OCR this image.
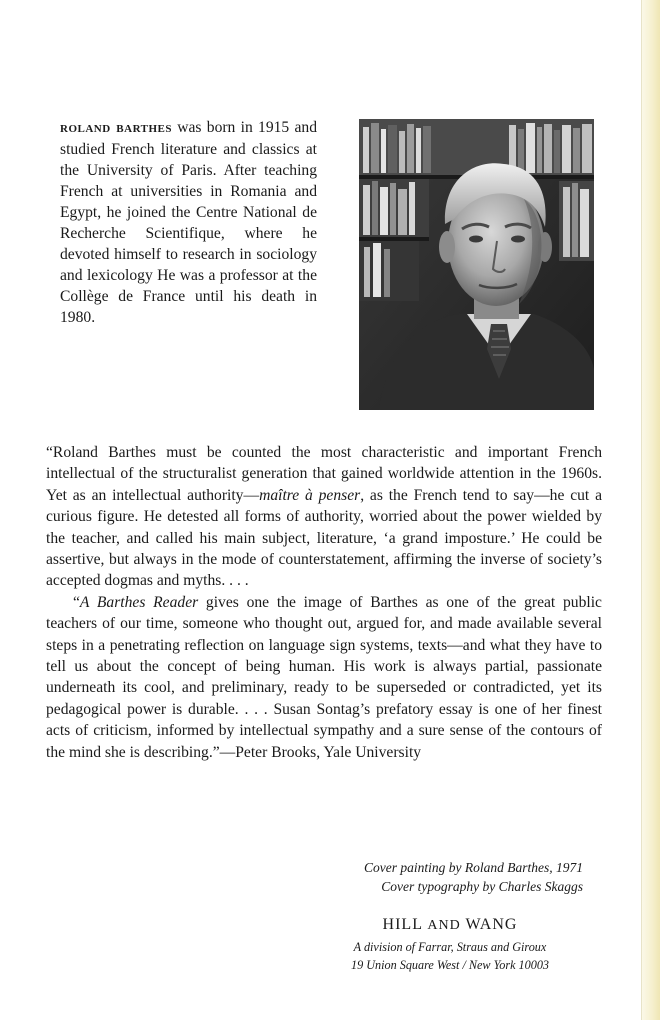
roland barthes was born in 1915 and studied French literature and classics at the University of Paris. After teaching French at universities in Romania and Egypt, he joined the Centre National de Recherche Scientifique, where he devoted himself to research in sociology and lexicology He was a professor at the Collège de France until his death in 1980.

“Roland Barthes must be counted the most characteristic and important French intellectual of the structuralist generation that gained worldwide attention in the 1960s. Yet as an intellectual authority—maître à penser, as the French tend to say—he cut a curious figure. He detested all forms of authority, worried about the power wielded by the teacher, and called his main subject, literature, ‘a grand imposture.’ He could be assertive, but always in the mode of counterstatement, affirming the inverse of society’s accepted dogmas and myths. . . .

“A Barthes Reader gives one the image of Barthes as one of the great public teachers of our time, someone who thought out, argued for, and made available several steps in a penetrating reflection on language sign systems, texts—and what they have to tell us about the concept of being human. His work is always partial, passionate underneath its cool, and preliminary, ready to be superseded or contradicted, yet its pedagogical power is durable. . . . Susan Sontag’s prefatory essay is one of her finest acts of criticism, informed by intellectual sympathy and a sure sense of the contours of the mind she is describing.”—Peter Brooks, Yale University

Cover painting by Roland Barthes, 1971
Cover typography by Charles Skaggs
HILL AND WANG
A division of Farrar, Straus and Giroux
19 Union Square West / New York 10003
